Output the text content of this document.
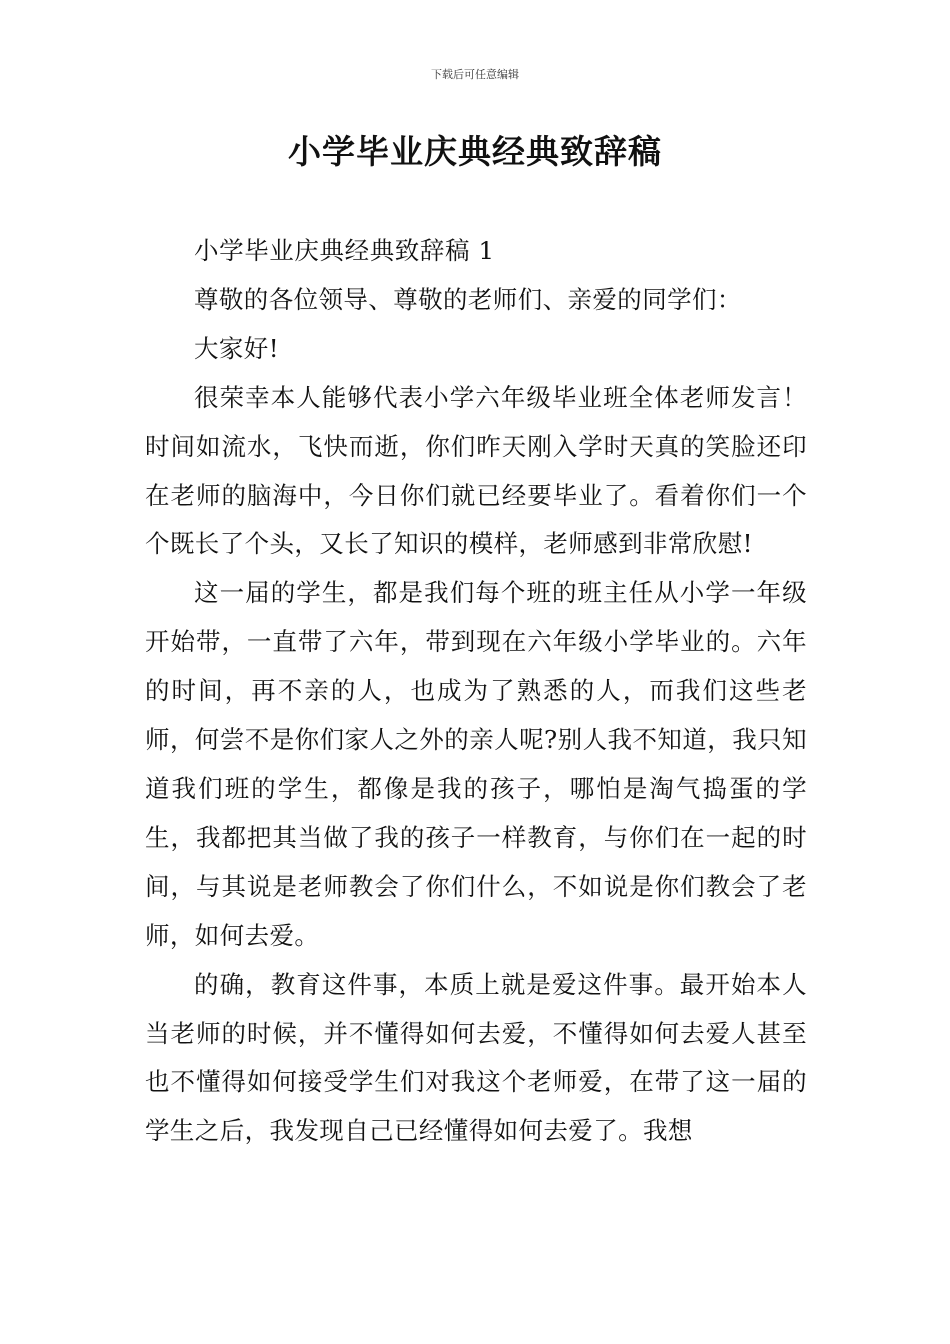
下载后可任意编辑
小学毕业庆典经典致辞稿

小学毕业庆典经典致辞稿 1

尊敬的各位领导、尊敬的老师们、亲爱的同学们：

大家好!

很荣幸本人能够代表小学六年级毕业班全体老师发言！时间如流水，飞快而逝，你们昨天刚入学时天真的笑脸还印在老师的脑海中，今日你们就已经要毕业了。看着你们一个个既长了个头，又长了知识的模样，老师感到非常欣慰!

这一届的学生，都是我们每个班的班主任从小学一年级开始带，一直带了六年，带到现在六年级小学毕业的。六年的时间，再不亲的人，也成为了熟悉的人，而我们这些老师，何尝不是你们家人之外的亲人呢?别人我不知道，我只知道我们班的学生，都像是我的孩子，哪怕是淘气捣蛋的学生，我都把其当做了我的孩子一样教育，与你们在一起的时间，与其说是老师教会了你们什么，不如说是你们教会了老师，如何去爱。

的确，教育这件事，本质上就是爱这件事。最开始本人当老师的时候，并不懂得如何去爱，不懂得如何去爱人甚至也不懂得如何接受学生们对我这个老师爱，在带了这一届的学生之后，我发现自己已经懂得如何去爱了。我想
